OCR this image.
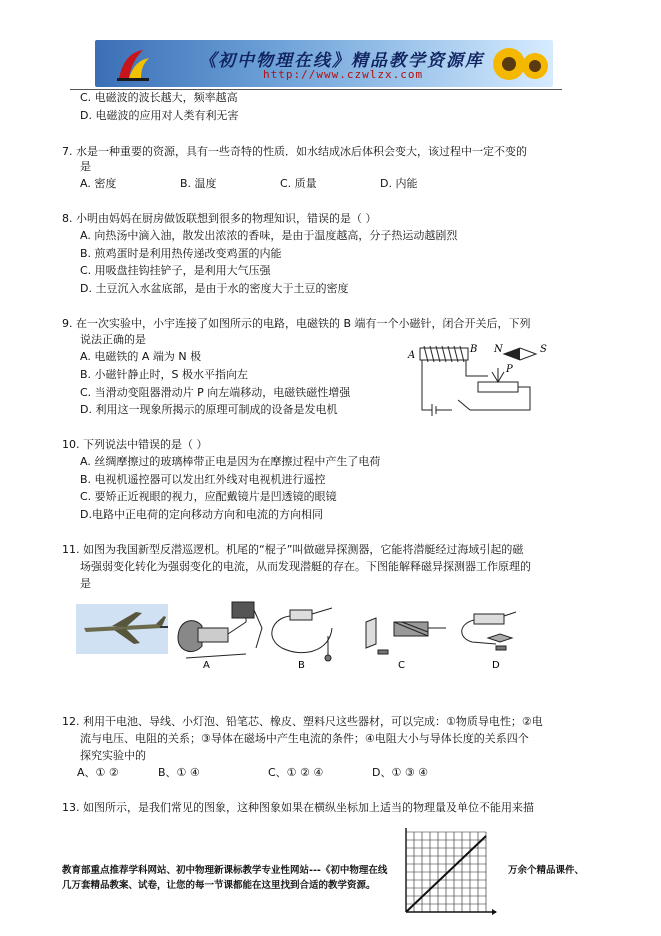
《初中物理在线》精品教学资源库
http://www.czwlzx.com
C. 电磁波的波长越大，频率越高
D. 电磁波的应用对人类有利无害
7. 水是一种重要的资源，具有一些奇特的性质．如水结成冰后体积会变大，该过程中一定不变的
是
A. 密度	B. 温度	C. 质量	D. 内能
8. 小明由妈妈在厨房做饭联想到很多的物理知识，错误的是（ ）
A. 向热汤中滴入油，散发出浓浓的香味，是由于温度越高，分子热运动越剧烈
B. 煎鸡蛋时是利用热传递改变鸡蛋的内能
C. 用吸盘挂钩挂铲子，是利用大气压强
D. 土豆沉入水盆底部，是由于水的密度大于土豆的密度
9. 在一次实验中，小宇连接了如图所示的电路，电磁铁的 B 端有一个小磁针，闭合开关后，下列
说法正确的是
A. 电磁铁的 A 端为 N 极
B. 小磁针静止时，S 极水平指向左
C. 当滑动变阻器滑动片 P 向左端移动，电磁铁磁性增强
D. 利用这一现象所揭示的原理可制成的设备是发电机
A
B N	S
P
10. 下列说法中错误的是（ ）
A. 丝绸摩擦过的玻璃棒带正电是因为在摩擦过程中产生了电荷
B. 电视机遥控器可以发出红外线对电视机进行遥控
C. 要矫正近视眼的视力，应配戴镜片是凹透镜的眼镜
D.电路中正电荷的定向移动方向和电流的方向相同
11. 如图为我国新型反潜巡逻机。机尾的“棍子”叫做磁异探测器，它能将潜艇经过海域引起的磁
场强弱变化转化为强弱变化的电流，从而发现潜艇的存在。下图能解释磁异探测器工作原理的
是
A	B	C	D
12. 利用干电池、导线、小灯泡、铅笔芯、橡皮、塑料尺这些器材，可以完成：①物质导电性；②电
流与电压、电阻的关系；③导体在磁场中产生电流的条件；④电阻大小与导体长度的关系四个
探究实验中的
A、① ②	B、① ④	C、① ② ④	D、① ③ ④
13. 如图所示，是我们常见的图象，这种图象如果在横纵坐标加上适当的物理量及单位不能用来描
教育部重点推荐学科网站、初中物理新课标教学专业性网站---《初中物理在线	万余个精品课件、
几万套精品教案、试卷，让您的每一节课都能在这里找到合适的教学资源。
